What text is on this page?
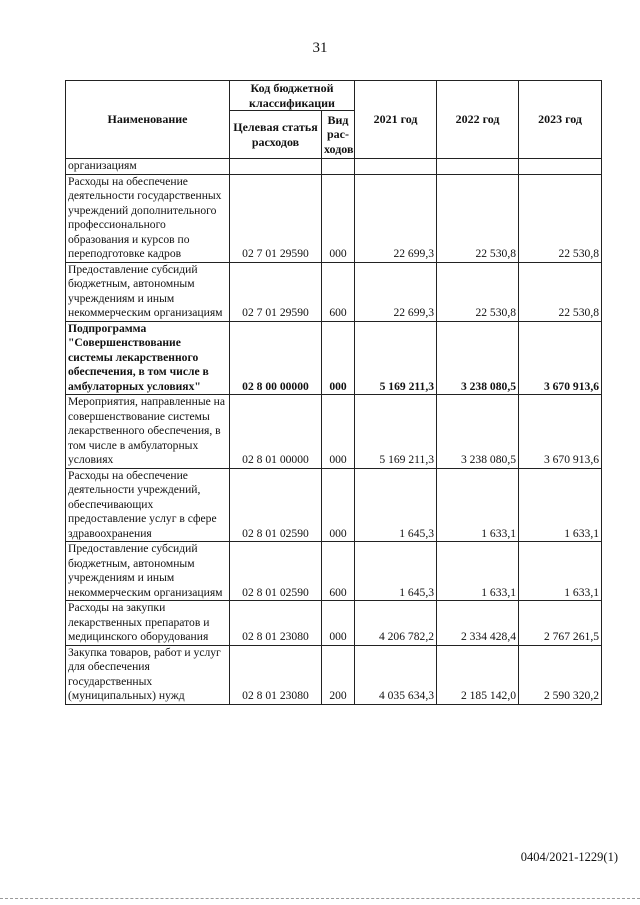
31
Наименование	Код бюджетной классификации		2021 год	2022 год	2023 год
	Целевая статья расходов	Вид рас-ходов			
организациям					
Расходы на обеспечение деятельности государственных учреждений дополнительного профессионального образования и курсов по переподготовке кадров	02 7 01 29590	000	22 699,3	22 530,8	22 530,8
Предоставление субсидий бюджетным, автономным учреждениям и иным некоммерческим организациям	02 7 01 29590	600	22 699,3	22 530,8	22 530,8
Подпрограмма "Совершенствование системы лекарственного обеспечения, в том числе в амбулаторных условиях"	02 8 00 00000	000	5 169 211,3	3 238 080,5	3 670 913,6
Мероприятия, направленные на совершенствование системы лекарственного обеспечения, в том числе в амбулаторных условиях	02 8 01 00000	000	5 169 211,3	3 238 080,5	3 670 913,6
Расходы на обеспечение деятельности учреждений, обеспечивающих предоставление услуг в сфере здравоохранения	02 8 01 02590	000	1 645,3	1 633,1	1 633,1
Предоставление субсидий бюджетным, автономным учреждениям и иным некоммерческим организациям	02 8 01 02590	600	1 645,3	1 633,1	1 633,1
Расходы на закупки лекарственных препаратов и медицинского оборудования	02 8 01 23080	000	4 206 782,2	2 334 428,4	2 767 261,5
Закупка товаров, работ и услуг для обеспечения государственных (муниципальных) нужд	02 8 01 23080	200	4 035 634,3	2 185 142,0	2 590 320,2
0404/2021-1229(1)
